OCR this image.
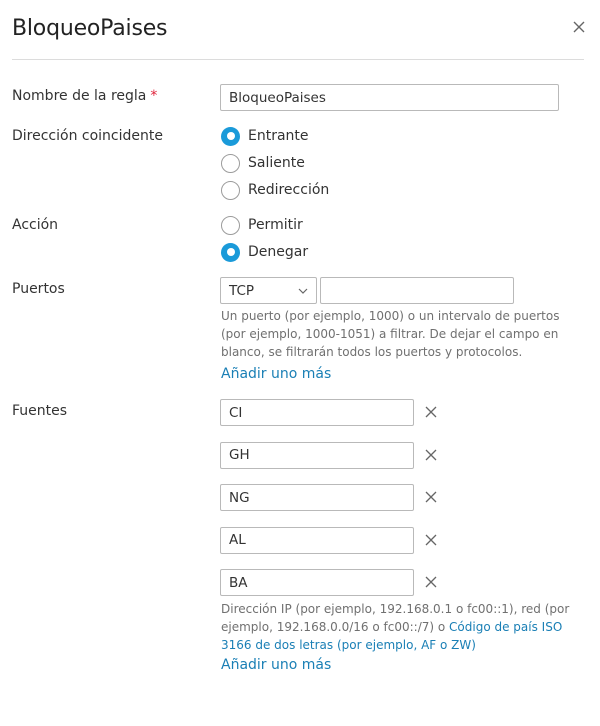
BloqueoPaises
Nombre de la regla *
BloqueoPaises
Dirección coincidente	Entrante
Saliente
Redirección
Acción	Permitir
Denegar
Puertos	TCP
Un puerto (por ejemplo, 1000) o un intervalo de puertos (por ejemplo, 1000-1051) a filtrar. De dejar el campo en blanco, se filtrarán todos los puertos y protocolos.
Añadir uno más
Fuentes
CI
GH
NG
AL
BA
Dirección IP (por ejemplo, 192.168.0.1 o fc00::1), red (por ejemplo, 192.168.0.0/16 o fc00::/7) o Código de país ISO 3166 de dos letras (por ejemplo, AF o ZW)
Añadir uno más
